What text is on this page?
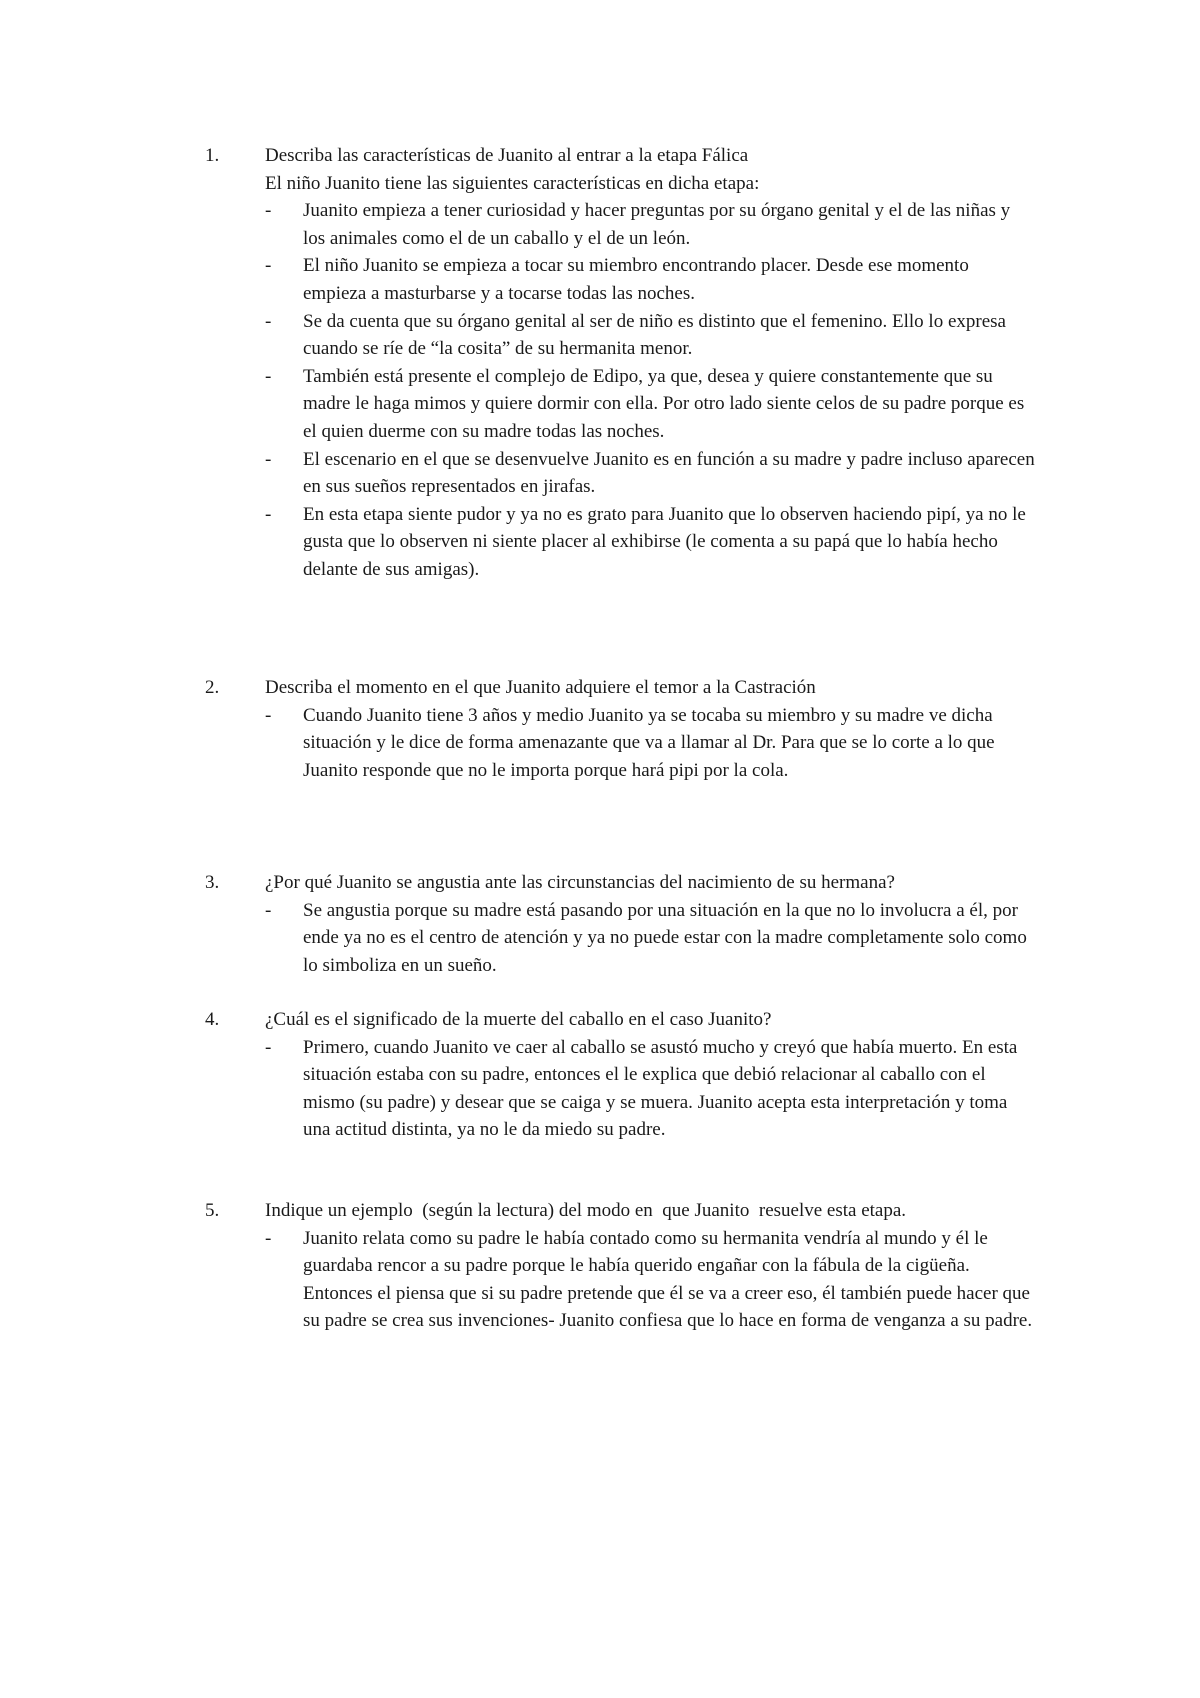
1. Describa las características de Juanito al entrar a la etapa Fálica
El niño Juanito tiene las siguientes características en dicha etapa:
- Juanito empieza a tener curiosidad y hacer preguntas por su órgano genital y el de las niñas y los animales como el de un caballo y el de un león.
- El niño Juanito se empieza a tocar su miembro encontrando placer. Desde ese momento empieza a masturbarse y a tocarse todas las noches.
- Se da cuenta que su órgano genital al ser de niño es distinto que el femenino. Ello lo expresa cuando se ríe de “la cosita” de su hermanita menor.
- También está presente el complejo de Edipo, ya que, desea y quiere constantemente que su madre le haga mimos y quiere dormir con ella. Por otro lado siente celos de su padre porque es el quien duerme con su madre todas las noches.
- El escenario en el que se desenvuelve Juanito es en función a su madre y padre incluso aparecen en sus sueños representados en jirafas.
- En esta etapa siente pudor y ya no es grato para Juanito que lo observen haciendo pipí, ya no le gusta que lo observen ni siente placer al exhibirse (le comenta a su papá que lo había hecho delante de sus amigas).
2. Describa el momento en el que Juanito adquiere el temor a la Castración
- Cuando Juanito tiene 3 años y medio Juanito ya se tocaba su miembro y su madre ve dicha situación y le dice de forma amenazante que va a llamar al Dr. Para que se lo corte a lo que Juanito responde que no le importa porque hará pipi por la cola.
3. ¿Por qué Juanito se angustia ante las circunstancias del nacimiento de su hermana?
- Se angustia porque su madre está pasando por una situación en la que no lo involucra a él, por ende ya no es el centro de atención y ya no puede estar con la madre completamente solo como lo simboliza en un sueño.
4. ¿Cuál es el significado de la muerte del caballo en el caso Juanito?
- Primero, cuando Juanito ve caer al caballo se asustó mucho y creyó que había muerto. En esta situación estaba con su padre, entonces el le explica que debió relacionar al caballo con el mismo (su padre) y desear que se caiga y se muera. Juanito acepta esta interpretación y toma una actitud distinta, ya no le da miedo su padre.
5. Indique un ejemplo  (según la lectura) del modo en  que Juanito  resuelve esta etapa.
- Juanito relata como su padre le había contado como su hermanita vendría al mundo y él le guardaba rencor a su padre porque le había querido engañar con la fábula de la cigüeña. Entonces el piensa que si su padre pretende que él se va a creer eso, él también puede hacer que su padre se crea sus invenciones- Juanito confiesa que lo hace en forma de venganza a su padre.
